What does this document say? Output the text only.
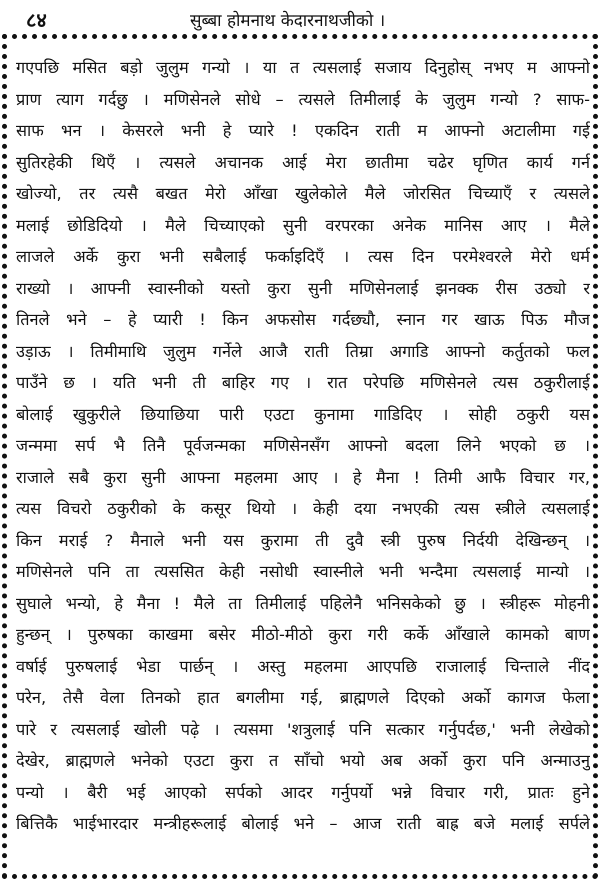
८४	सुब्बा होमनाथ केदारनाथजीको ।
गएपछि मसित बड़ो जुलुम गन्यो । या त त्यसलाई सजाय दिनुहोस् नभए म आफ्नो
प्राण त्याग गर्दछु । मणिसेनले सोधे – त्यसले तिमीलाई के जुलुम गन्यो ? साफ-
साफ भन । केसरले भनी हे प्यारे ! एकदिन राती म आफ्नो अटालीमा गई
सुतिरहेकी थिएँ । त्यसले अचानक आई मेरा छातीमा चढेर घृणित कार्य गर्न
खोज्यो, तर त्यसै बखत मेरो आँखा खुलेकोले मैले जोरसित चिच्याएँ र त्यसले
मलाई छोडिदियो । मैले चिच्याएको सुनी वरपरका अनेक मानिस आए । मैले
लाजले अर्के कुरा भनी सबैलाई फर्काइदिएँ । त्यस दिन परमेश्वरले मेरो धर्म
राख्यो । आफ्नी स्वास्नीको यस्तो कुरा सुनी मणिसेनलाई झनक्क रीस उठ्यो र
तिनले भने – हे प्यारी ! किन अफसोस गर्दछ्यौ, स्नान गर खाऊ पिऊ मौज
उड़ाऊ । तिमीमाथि जुलुम गर्नेले आजै राती तिम्रा अगाडि आफ्नो कर्तुतको फल
पाउँने छ । यति भनी ती बाहिर गए । रात परेपछि मणिसेनले त्यस ठकुरीलाई
बोलाई खुकुरीले छियाछिया पारी एउटा कुनामा गाडिदिए । सोही ठकुरी यस
जन्ममा सर्प भै तिनै पूर्वजन्मका मणिसेनसँग आफ्नो बदला लिने भएको छ ।
राजाले सबै कुरा सुनी आफ्ना महलमा आए । हे मैना ! तिमी आफै विचार गर,
त्यस विचरो ठकुरीको के कसूर थियो । केही दया नभएकी त्यस स्त्रीले त्यसलाई
किन मराई ? मैनाले भनी यस कुरामा ती दुवै स्त्री पुरुष निर्दयी देखिन्छन् ।
मणिसेनले पनि ता त्यससित केही नसोधी स्वास्नीले भनी भन्दैमा त्यसलाई मान्यो ।
सुघाले भन्यो, हे मैना ! मैले ता तिमीलाई पहिलेनै भनिसकेको छु । स्त्रीहरू मोहनी
हुन्छन् । पुरुषका काखमा बसेर मीठो-मीठो कुरा गरी कर्के आँखाले कामको बाण
वर्षाई पुरुषलाई भेडा पार्छन् । अस्तु महलमा आएपछि राजालाई चिन्ताले नींद
परेन, तेसै वेला तिनको हात बगलीमा गई, ब्राह्मणले दिएको अर्को कागज फेला
पारे र त्यसलाई खोली पढ़े । त्यसमा 'शत्रुलाई पनि सत्कार गर्नुपर्दछ,' भनी लेखेको
देखेर, ब्राह्मणले भनेको एउटा कुरा त साँचो भयो अब अर्को कुरा पनि अन्माउनु
पन्यो । बैरी भई आएको सर्पको आदर गर्नुपर्यो भन्ने विचार गरी, प्रातः हुने
बित्तिकै भाईभारदार मन्त्रीहरूलाई बोलाई भने – आज राती बाह्र बजे मलाई सर्पले
